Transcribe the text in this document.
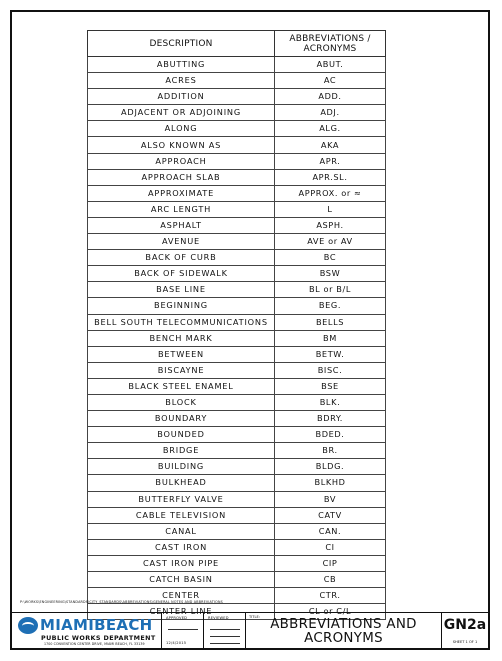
DESCRIPTION	ABBREVIATIONS /
ACRONYMS
ABUTTING	ABUT.
ACRES	AC
ADDITION	ADD.
ADJACENT OR ADJOINING	ADJ.
ALONG	ALG.
ALSO KNOWN AS	AKA
APPROACH	APR.
APPROACH SLAB	APR.SL.
APPROXIMATE	APPROX. or ≈
ARC LENGTH	L
ASPHALT	ASPH.
AVENUE	AVE or AV
BACK OF CURB	BC
BACK OF SIDEWALK	BSW
BASE LINE	BL or B/L
BEGINNING	BEG.
BELL SOUTH TELECOMMUNICATIONS	BELLS
BENCH MARK	BM
BETWEEN	BETW.
BISCAYNE	BISC.
BLACK STEEL ENAMEL	BSE
BLOCK	BLK.
BOUNDARY	BDRY.
BOUNDED	BDED.
BRIDGE	BR.
BUILDING	BLDG.
BULKHEAD	BLKHD
BUTTERFLY VALVE	BV
CABLE TELEVISION	CATV
CANAL	CAN.
CAST IRON	CI
CAST IRON PIPE	CIP
CATCH BASIN	CB
CENTER	CTR.
CENTER LINE	CL or C/L
P:\WORKS\ENGINEERING\STANDARDS\CITY_STANDARDS\ABBREVIATIONS\GENERAL NOTES AND ABBREVIATIONS
MIAMIBEACH
PUBLIC WORKS DEPARTMENT
1700 CONVENTION CENTER DRIVE, MIAMI BEACH, FL 33139
APPROVED
12/4/2015
REVIEWED	TITLE: ABBREVIATIONS AND
ACRONYMS
GN2a
SHEET 1 OF 1
